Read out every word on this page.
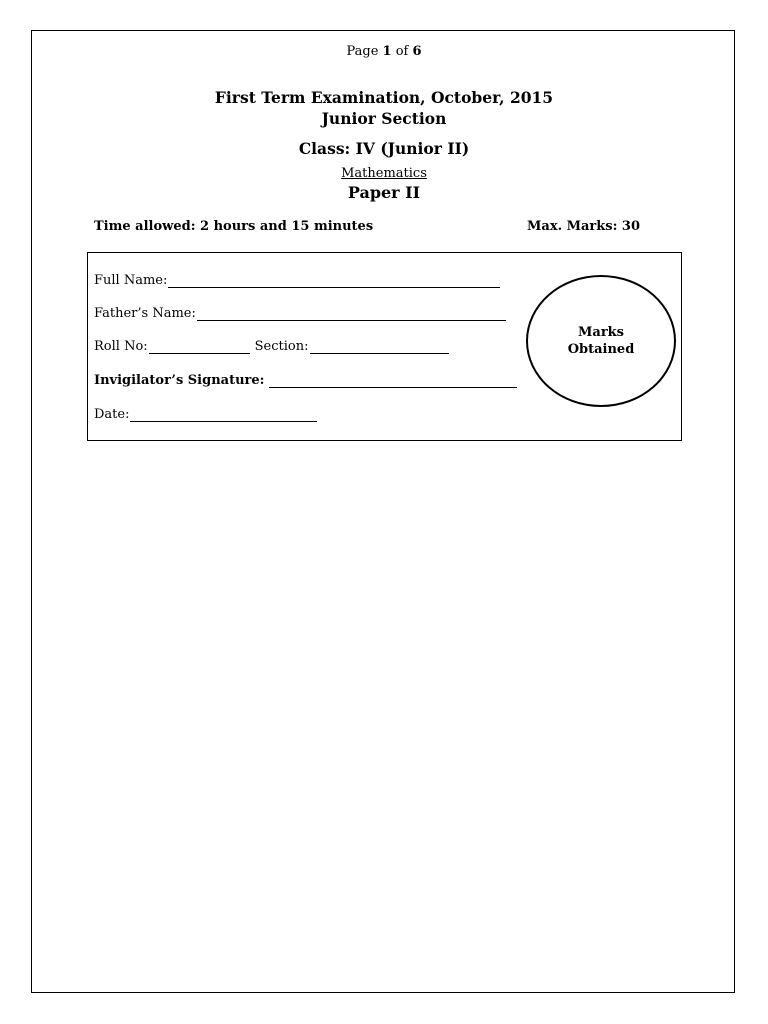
Page 1 of 6
First Term Examination, October, 2015
Junior Section
Class: IV (Junior II)
Mathematics
Paper II
Time allowed: 2 hours and 15 minutes	Max. Marks: 30
Full Name:
Father’s Name:
Roll No:	Section:
Invigilator’s Signature:
Date:
Marks
Obtained
